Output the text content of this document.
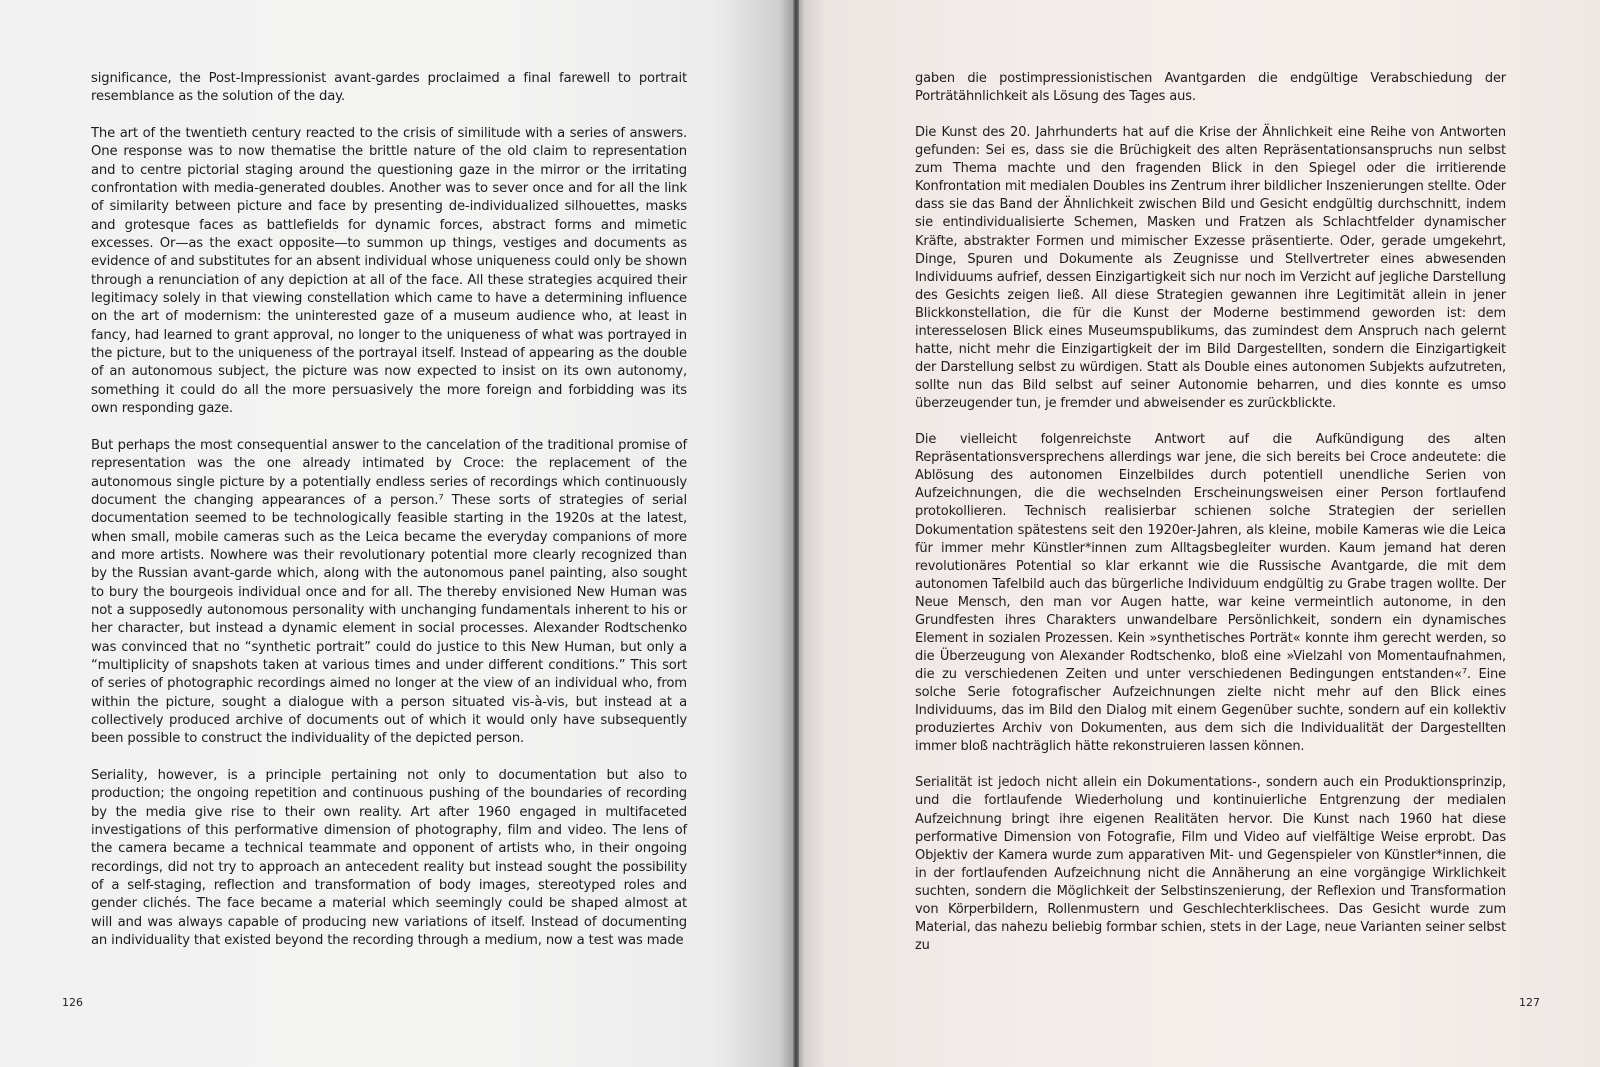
significance, the Post-Impressionist avant-gardes proclaimed a final farewell to portrait resemblance as the solution of the day.

The art of the twentieth century reacted to the crisis of similitude with a series of answers. One response was to now thematise the brittle nature of the old claim to representation and to centre pictorial staging around the questioning gaze in the mirror or the irritating confrontation with media-generated doubles. Another was to sever once and for all the link of similarity between picture and face by presenting de-individualized silhouettes, masks and grotesque faces as battlefields for dynamic forces, abstract forms and mimetic excesses. Or—as the exact opposite—to summon up things, vestiges and documents as evidence of and substitutes for an absent individual whose uniqueness could only be shown through a renunciation of any depiction at all of the face. All these strategies acquired their legitimacy solely in that viewing constellation which came to have a determining influence on the art of modernism: the uninterested gaze of a museum audience who, at least in fancy, had learned to grant approval, no longer to the uniqueness of what was portrayed in the picture, but to the uniqueness of the portrayal itself. Instead of appearing as the double of an autonomous subject, the picture was now expected to insist on its own autonomy, something it could do all the more persuasively the more foreign and forbidding was its own responding gaze.

But perhaps the most consequential answer to the cancelation of the traditional promise of representation was the one already intimated by Croce: the replacement of the autonomous single picture by a potentially endless series of recordings which continuously document the changing appearances of a person.⁷ These sorts of strategies of serial documentation seemed to be technologically feasible starting in the 1920s at the latest, when small, mobile cameras such as the Leica became the everyday companions of more and more artists. Nowhere was their revolutionary potential more clearly recognized than by the Russian avant-garde which, along with the autonomous panel painting, also sought to bury the bourgeois individual once and for all. The thereby envisioned New Human was not a supposedly autonomous personality with unchanging fundamentals inherent to his or her character, but instead a dynamic element in social processes. Alexander Rodtschenko was convinced that no “synthetic portrait” could do justice to this New Human, but only a “multiplicity of snapshots taken at various times and under different conditions.” This sort of series of photographic recordings aimed no longer at the view of an individual who, from within the picture, sought a dialogue with a person situated vis-à-vis, but instead at a collectively produced archive of documents out of which it would only have subsequently been possible to construct the individuality of the depicted person.

Seriality, however, is a principle pertaining not only to documentation but also to production; the ongoing repetition and continuous pushing of the boundaries of recording by the media give rise to their own reality. Art after 1960 engaged in multifaceted investigations of this performative dimension of photography, film and video. The lens of the camera became a technical teammate and opponent of artists who, in their ongoing recordings, did not try to approach an antecedent reality but instead sought the possibility of a self-staging, reflection and transformation of body images, stereotyped roles and gender clichés. The face became a material which seemingly could be shaped almost at will and was always capable of producing new variations of itself. Instead of documenting an individuality that existed beyond the recording through a medium, now a test was made

126

gaben die postimpressionistischen Avantgarden die endgültige Verabschiedung der Porträtähnlichkeit als Lösung des Tages aus.

Die Kunst des 20. Jahrhunderts hat auf die Krise der Ähnlichkeit eine Reihe von Antworten gefunden: Sei es, dass sie die Brüchigkeit des alten Repräsentationsanspruchs nun selbst zum Thema machte und den fragenden Blick in den Spiegel oder die irritierende Konfrontation mit medialen Doubles ins Zentrum ihrer bildlicher Inszenierungen stellte. Oder dass sie das Band der Ähnlichkeit zwischen Bild und Gesicht endgültig durchschnitt, indem sie entindividualisierte Schemen, Masken und Fratzen als Schlachtfelder dynamischer Kräfte, abstrakter Formen und mimischer Exzesse präsentierte. Oder, gerade umgekehrt, Dinge, Spuren und Dokumente als Zeugnisse und Stellvertreter eines abwesenden Individuums aufrief, dessen Einzigartigkeit sich nur noch im Verzicht auf jegliche Darstellung des Gesichts zeigen ließ. All diese Strategien gewannen ihre Legitimität allein in jener Blickkonstellation, die für die Kunst der Moderne bestimmend geworden ist: dem interesselosen Blick eines Museumspublikums, das zumindest dem Anspruch nach gelernt hatte, nicht mehr die Einzigartigkeit der im Bild Dargestellten, sondern die Einzigartigkeit der Darstellung selbst zu würdigen. Statt als Double eines autonomen Subjekts aufzutreten, sollte nun das Bild selbst auf seiner Autonomie beharren, und dies konnte es umso überzeugender tun, je fremder und abweisender es zurückblickte.

Die vielleicht folgenreichste Antwort auf die Aufkündigung des alten Repräsentationsversprechens allerdings war jene, die sich bereits bei Croce andeutete: die Ablösung des autonomen Einzelbildes durch potentiell unendliche Serien von Aufzeichnungen, die die wechselnden Erscheinungsweisen einer Person fortlaufend protokollieren. Technisch realisierbar schienen solche Strategien der seriellen Dokumentation spätestens seit den 1920er-Jahren, als kleine, mobile Kameras wie die Leica für immer mehr Künstler*innen zum Alltagsbegleiter wurden. Kaum jemand hat deren revolutionäres Potential so klar erkannt wie die Russische Avantgarde, die mit dem autonomen Tafelbild auch das bürgerliche Individuum endgültig zu Grabe tragen wollte. Der Neue Mensch, den man vor Augen hatte, war keine vermeintlich autonome, in den Grundfesten ihres Charakters unwandelbare Persönlichkeit, sondern ein dynamisches Element in sozialen Prozessen. Kein »synthetisches Porträt« konnte ihm gerecht werden, so die Überzeugung von Alexander Rodtschenko, bloß eine »Vielzahl von Momentaufnahmen, die zu verschiedenen Zeiten und unter verschiedenen Bedingungen entstanden«⁷. Eine solche Serie fotografischer Aufzeichnungen zielte nicht mehr auf den Blick eines Individuums, das im Bild den Dialog mit einem Gegenüber suchte, sondern auf ein kollektiv produziertes Archiv von Dokumenten, aus dem sich die Individualität der Dargestellten immer bloß nachträglich hätte rekonstruieren lassen können.

Serialität ist jedoch nicht allein ein Dokumentations-, sondern auch ein Produktionsprinzip, und die fortlaufende Wiederholung und kontinuierliche Entgrenzung der medialen Aufzeichnung bringt ihre eigenen Realitäten hervor. Die Kunst nach 1960 hat diese performative Dimension von Fotografie, Film und Video auf vielfältige Weise erprobt. Das Objektiv der Kamera wurde zum apparativen Mit- und Gegenspieler von Künstler*innen, die in der fortlaufenden Aufzeichnung nicht die Annäherung an eine vorgängige Wirklichkeit suchten, sondern die Möglichkeit der Selbstinszenierung, der Reflexion und Transformation von Körperbildern, Rollenmustern und Geschlechterklischees. Das Gesicht wurde zum Material, das nahezu beliebig formbar schien, stets in der Lage, neue Varianten seiner selbst zu

127
